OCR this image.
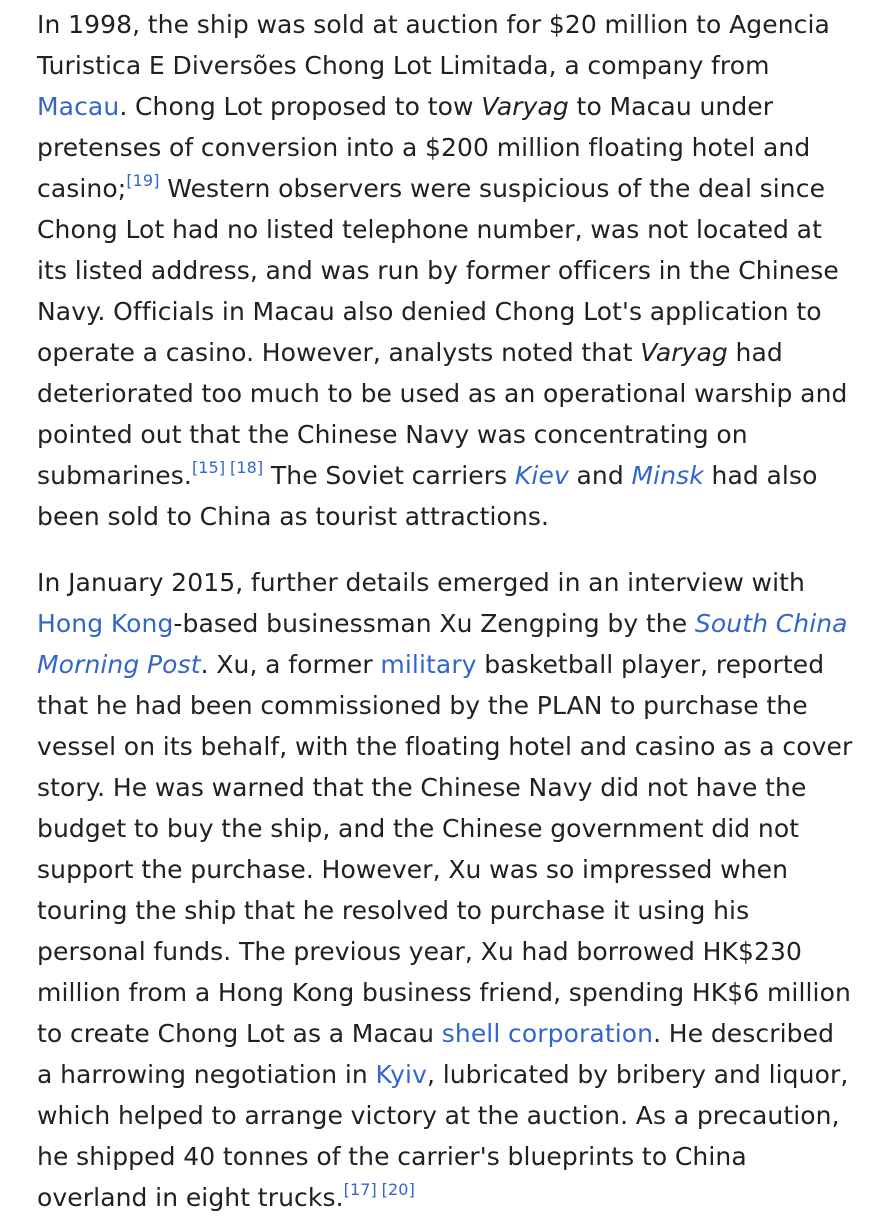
In 1998, the ship was sold at auction for $20 million to Agencia Turistica E Diversões Chong Lot Limitada, a company from Macau. Chong Lot proposed to tow Varyag to Macau under pretenses of conversion into a $200 million floating hotel and casino;[19] Western observers were suspicious of the deal since Chong Lot had no listed telephone number, was not located at its listed address, and was run by former officers in the Chinese Navy. Officials in Macau also denied Chong Lot's application to operate a casino. However, analysts noted that Varyag had deteriorated too much to be used as an operational warship and pointed out that the Chinese Navy was concentrating on submarines.[15] [18] The Soviet carriers Kiev and Minsk had also been sold to China as tourist attractions.

In January 2015, further details emerged in an interview with Hong Kong-based businessman Xu Zengping by the South China Morning Post. Xu, a former military basketball player, reported that he had been commissioned by the PLAN to purchase the vessel on its behalf, with the floating hotel and casino as a cover story. He was warned that the Chinese Navy did not have the budget to buy the ship, and the Chinese government did not support the purchase. However, Xu was so impressed when touring the ship that he resolved to purchase it using his personal funds. The previous year, Xu had borrowed HK$230 million from a Hong Kong business friend, spending HK$6 million to create Chong Lot as a Macau shell corporation. He described a harrowing negotiation in Kyiv, lubricated by bribery and liquor, which helped to arrange victory at the auction. As a precaution, he shipped 40 tonnes of the carrier's blueprints to China overland in eight trucks.[17] [20]
